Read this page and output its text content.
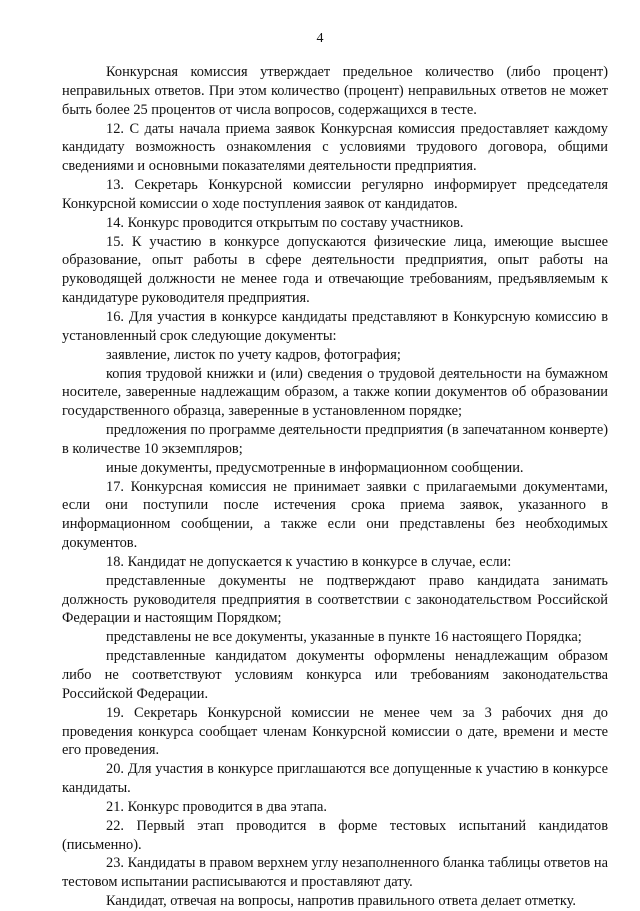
4

Конкурсная комиссия утверждает предельное количество (либо процент) неправильных ответов. При этом количество (процент) неправильных ответов не может быть более 25 процентов от числа вопросов, содержащихся в тесте.

12. С даты начала приема заявок Конкурсная комиссия предоставляет каждому кандидату возможность ознакомления с условиями трудового договора, общими сведениями и основными показателями деятельности предприятия.

13. Секретарь Конкурсной комиссии регулярно информирует председателя Конкурсной комиссии о ходе поступления заявок от кандидатов.

14. Конкурс проводится открытым по составу участников.

15. К участию в конкурсе допускаются физические лица, имеющие высшее образование, опыт работы в сфере деятельности предприятия, опыт работы на руководящей должности не менее года и отвечающие требованиям, предъявляемым к кандидатуре руководителя предприятия.

16. Для участия в конкурсе кандидаты представляют в Конкурсную комиссию в установленный срок следующие документы:

заявление, листок по учету кадров, фотография;

копия трудовой книжки и (или) сведения о трудовой деятельности на бумажном носителе, заверенные надлежащим образом, а также копии документов об образовании государственного образца, заверенные в установленном порядке;

предложения по программе деятельности предприятия (в запечатанном конверте) в количестве 10 экземпляров;

иные документы, предусмотренные в информационном сообщении.

17. Конкурсная комиссия не принимает заявки с прилагаемыми документами, если они поступили после истечения срока приема заявок, указанного в информационном сообщении, а также если они представлены без необходимых документов.

18. Кандидат не допускается к участию в конкурсе в случае, если:

представленные документы не подтверждают право кандидата занимать должность руководителя предприятия в соответствии с законодательством Российской Федерации и настоящим Порядком;

представлены не все документы, указанные в пункте 16 настоящего Порядка;

представленные кандидатом документы оформлены ненадлежащим образом либо не соответствуют условиям конкурса или требованиям законодательства Российской Федерации.

19. Секретарь Конкурсной комиссии не менее чем за 3 рабочих дня до проведения конкурса сообщает членам Конкурсной комиссии о дате, времени и месте его проведения.

20. Для участия в конкурсе приглашаются все допущенные к участию в конкурсе кандидаты.

21. Конкурс проводится в два этапа.

22. Первый этап проводится в форме тестовых испытаний кандидатов (письменно).

23. Кандидаты в правом верхнем углу незаполненного бланка таблицы ответов на тестовом испытании расписываются и проставляют дату.

Кандидат, отвечая на вопросы, напротив правильного ответа делает отметку.
